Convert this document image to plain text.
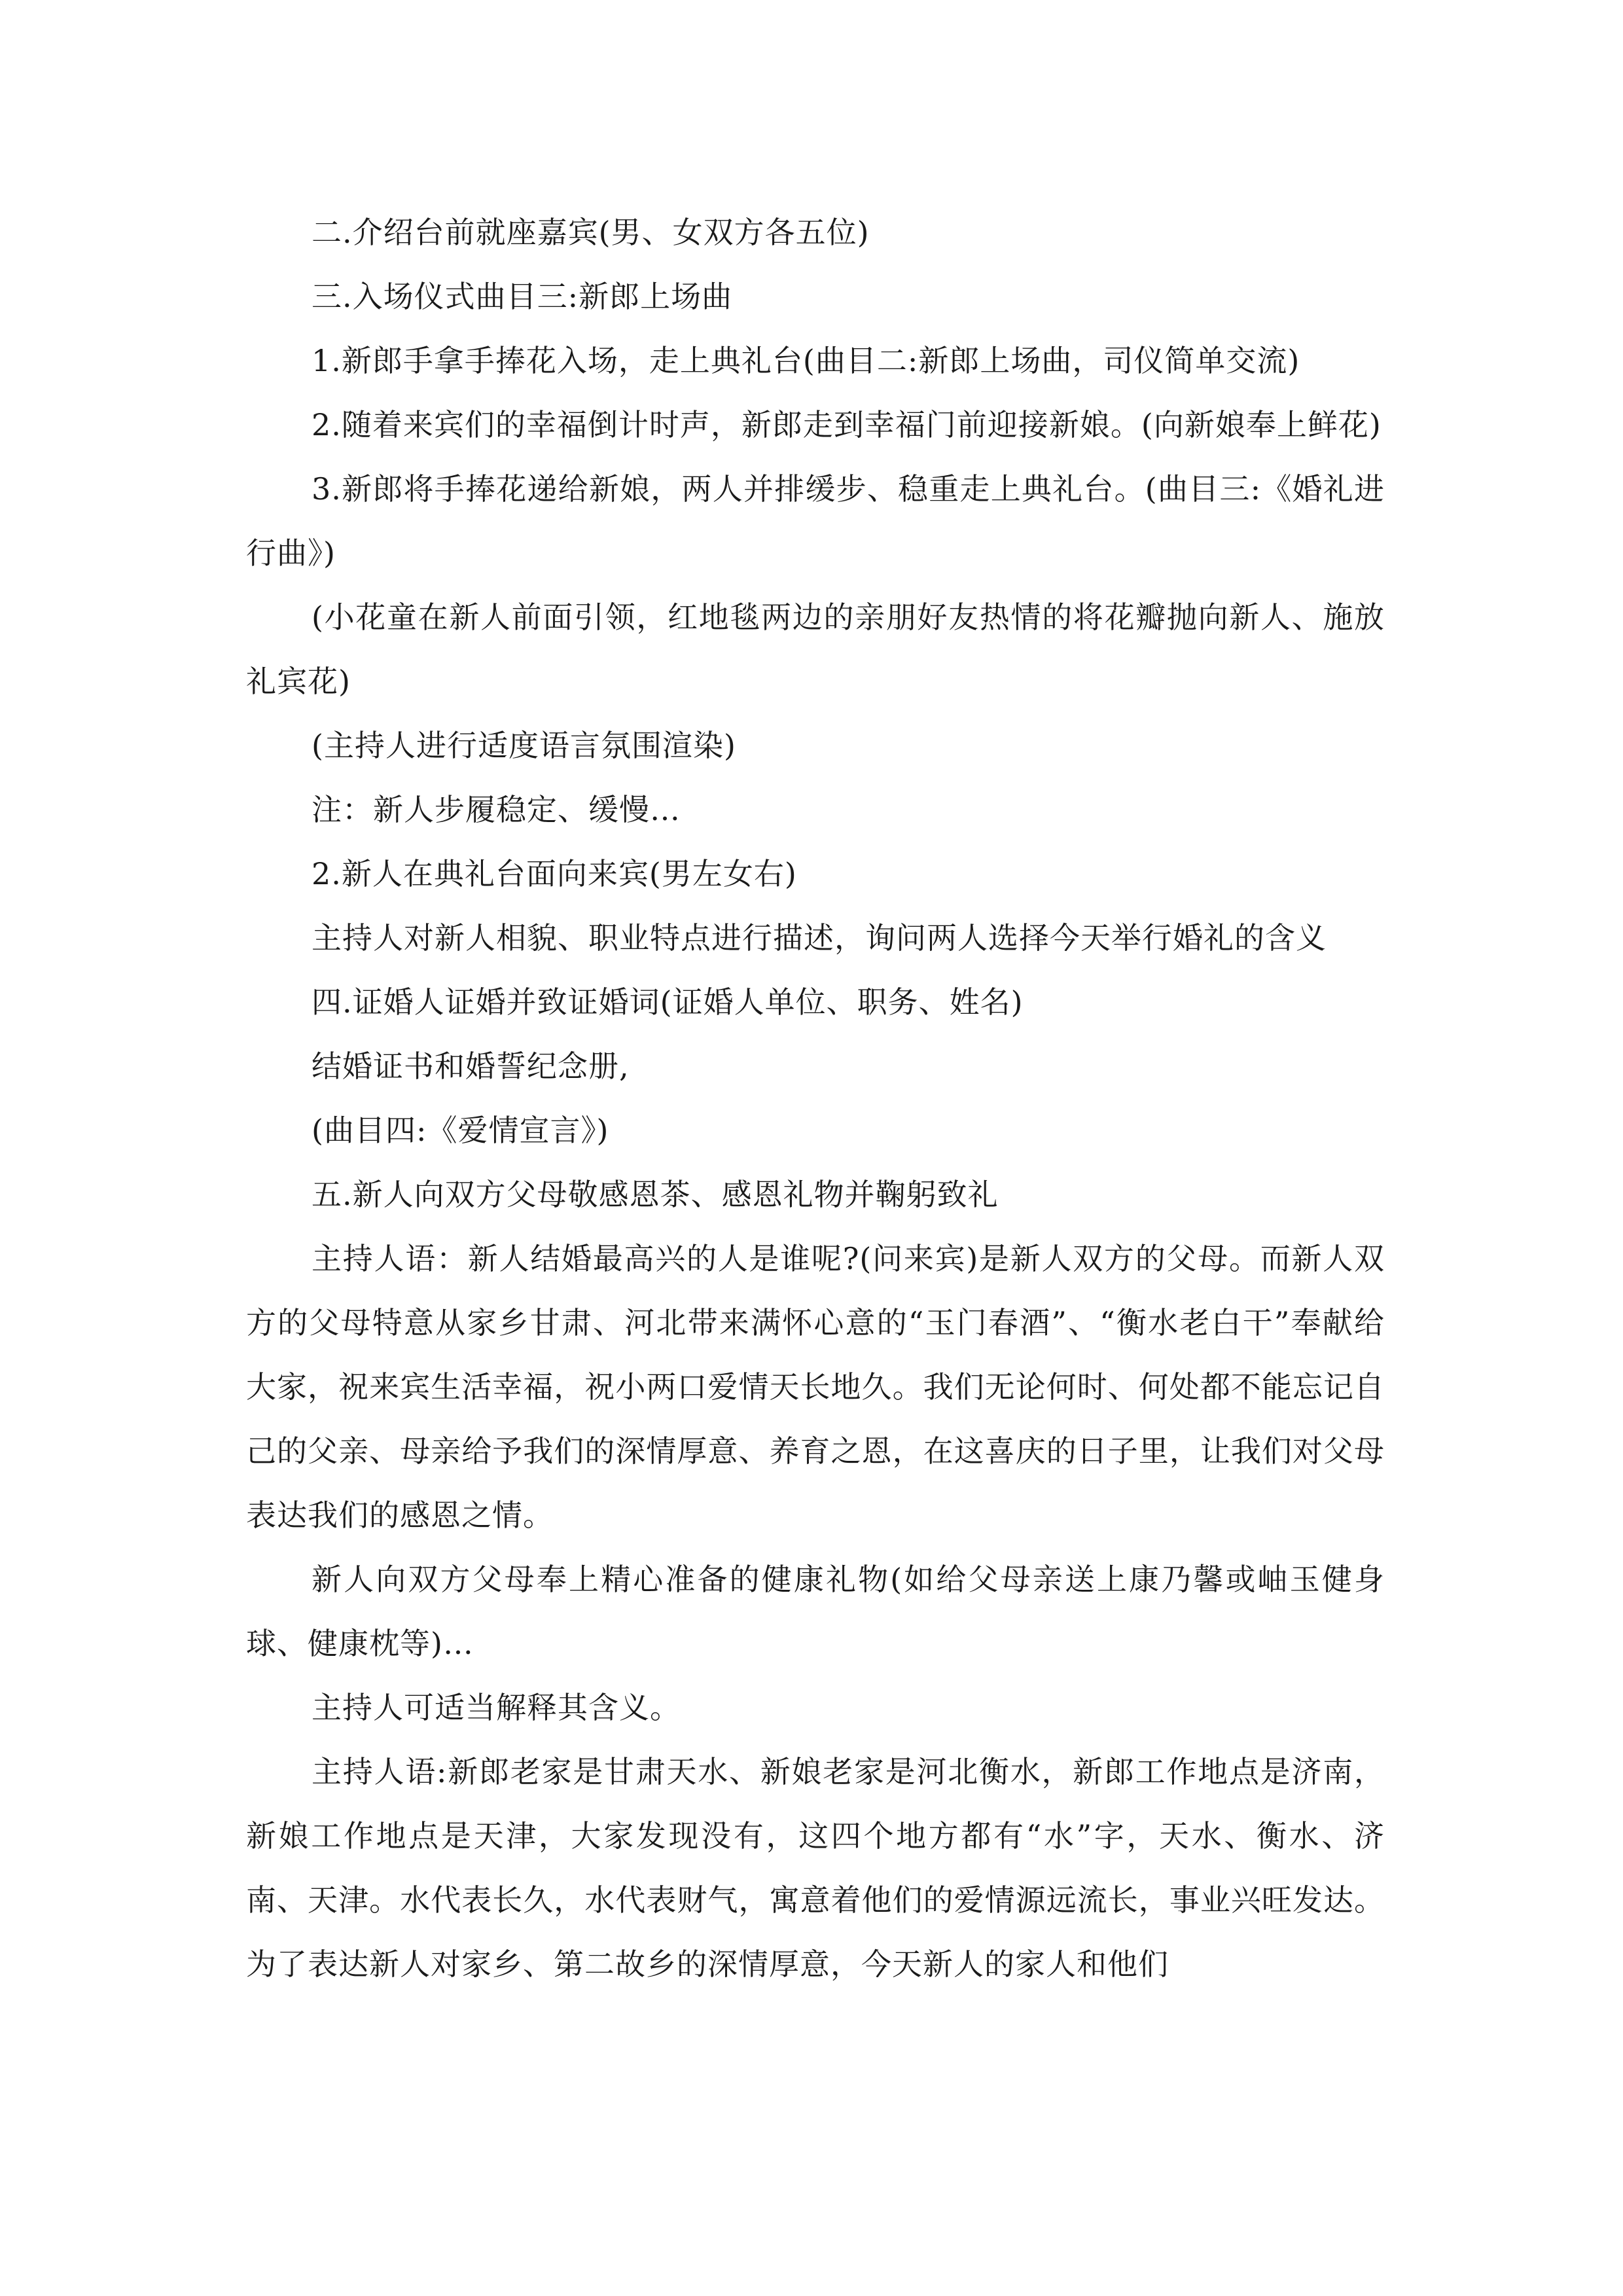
二.介绍台前就座嘉宾(男、女双方各五位)

三.入场仪式曲目三:新郎上场曲

1.新郎手拿手捧花入场，走上典礼台(曲目二:新郎上场曲，司仪简单交流)

2.随着来宾们的幸福倒计时声，新郎走到幸福门前迎接新娘。(向新娘奉上鲜花)

3.新郎将手捧花递给新娘，两人并排缓步、稳重走上典礼台。(曲目三:《婚礼进行曲》)

(小花童在新人前面引领，红地毯两边的亲朋好友热情的将花瓣抛向新人、施放礼宾花)

(主持人进行适度语言氛围渲染)

注：新人步履稳定、缓慢…

2.新人在典礼台面向来宾(男左女右)

主持人对新人相貌、职业特点进行描述，询问两人选择今天举行婚礼的含义

四.证婚人证婚并致证婚词(证婚人单位、职务、姓名)

结婚证书和婚誓纪念册,

(曲目四:《爱情宣言》)

五.新人向双方父母敬感恩茶、感恩礼物并鞠躬致礼

主持人语：新人结婚最高兴的人是谁呢?(问来宾)是新人双方的父母。而新人双方的父母特意从家乡甘肃、河北带来满怀心意的“玉门春酒”、“衡水老白干”奉献给大家，祝来宾生活幸福，祝小两口爱情天长地久。我们无论何时、何处都不能忘记自己的父亲、母亲给予我们的深情厚意、养育之恩，在这喜庆的日子里，让我们对父母表达我们的感恩之情。

新人向双方父母奉上精心准备的健康礼物(如给父母亲送上康乃馨或岫玉健身球、健康枕等)…

主持人可适当解释其含义。

主持人语:新郎老家是甘肃天水、新娘老家是河北衡水，新郎工作地点是济南，新娘工作地点是天津，大家发现没有，这四个地方都有“水”字，天水、衡水、济南、天津。水代表长久，水代表财气，寓意着他们的爱情源远流长，事业兴旺发达。为了表达新人对家乡、第二故乡的深情厚意，今天新人的家人和他们
